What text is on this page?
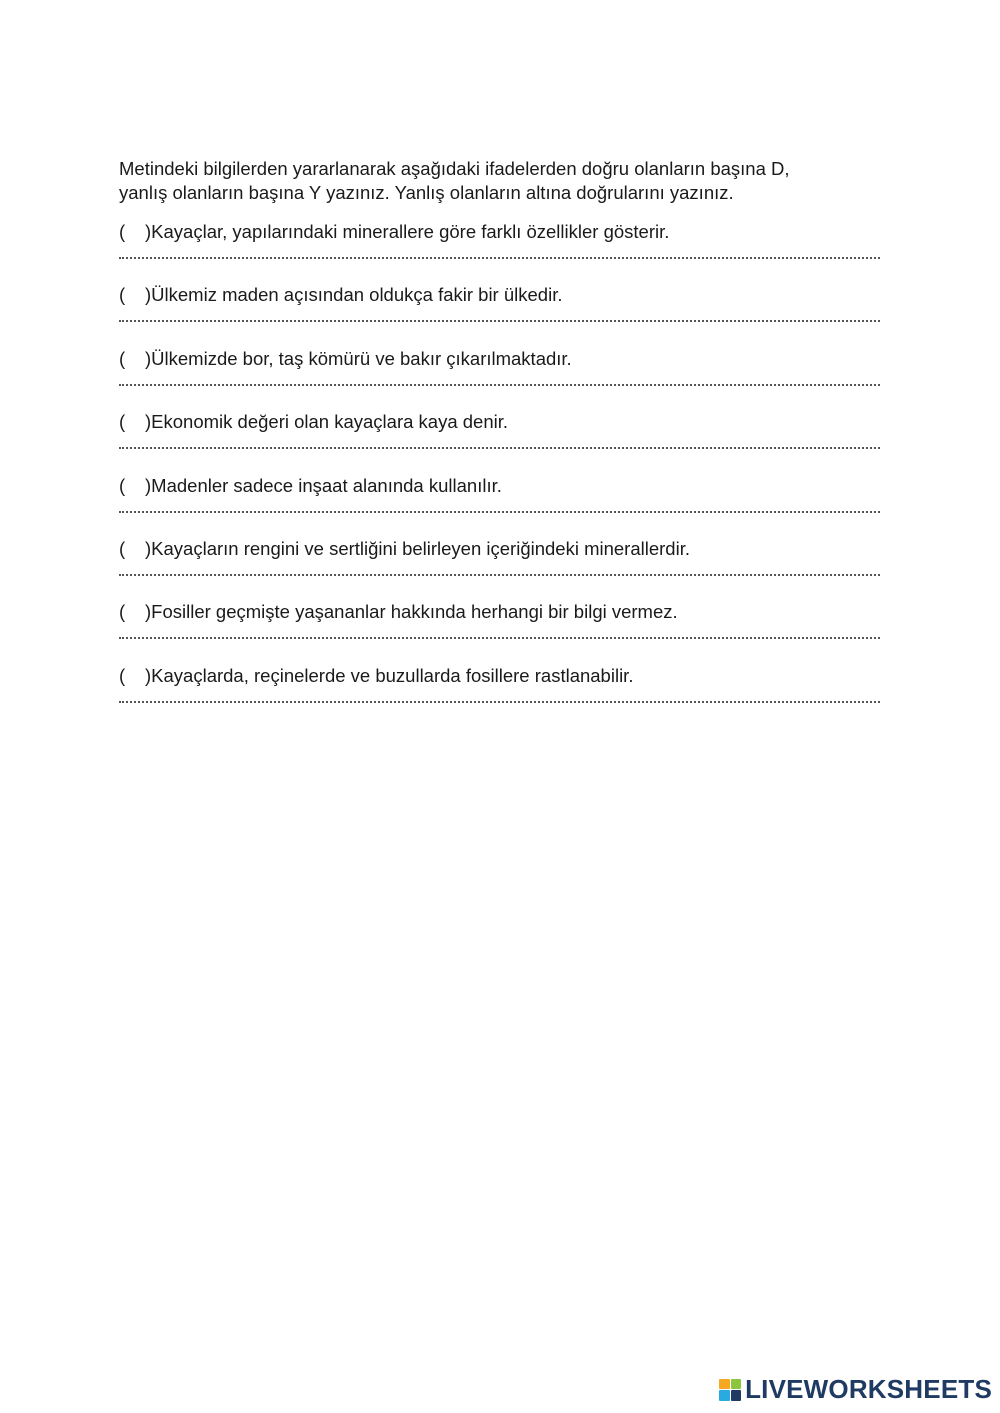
Metindeki bilgilerden yararlanarak aşağıdaki ifadelerden doğru olanların başına D,

yanlış olanların başına Y yazınız. Yanlış olanların altına doğrularını yazınız.

(	) Kayaçlar, yapılarındaki minerallere göre farklı özellikler gösterir.
(	) Ülkemiz maden açısından oldukça fakir bir ülkedir.
(	) Ülkemizde bor, taş kömürü ve bakır çıkarılmaktadır.
(	) Ekonomik değeri olan kayaçlara kaya denir.
(	) Madenler sadece inşaat alanında kullanılır.
(	) Kayaçların rengini ve sertliğini belirleyen içeriğindeki minerallerdir.
(	) Fosiller geçmişte yaşananlar hakkında herhangi bir bilgi vermez.
(	) Kayaçlarda, reçinelerde ve buzullarda fosillere rastlanabilir.
LIVEWORKSHEETS
